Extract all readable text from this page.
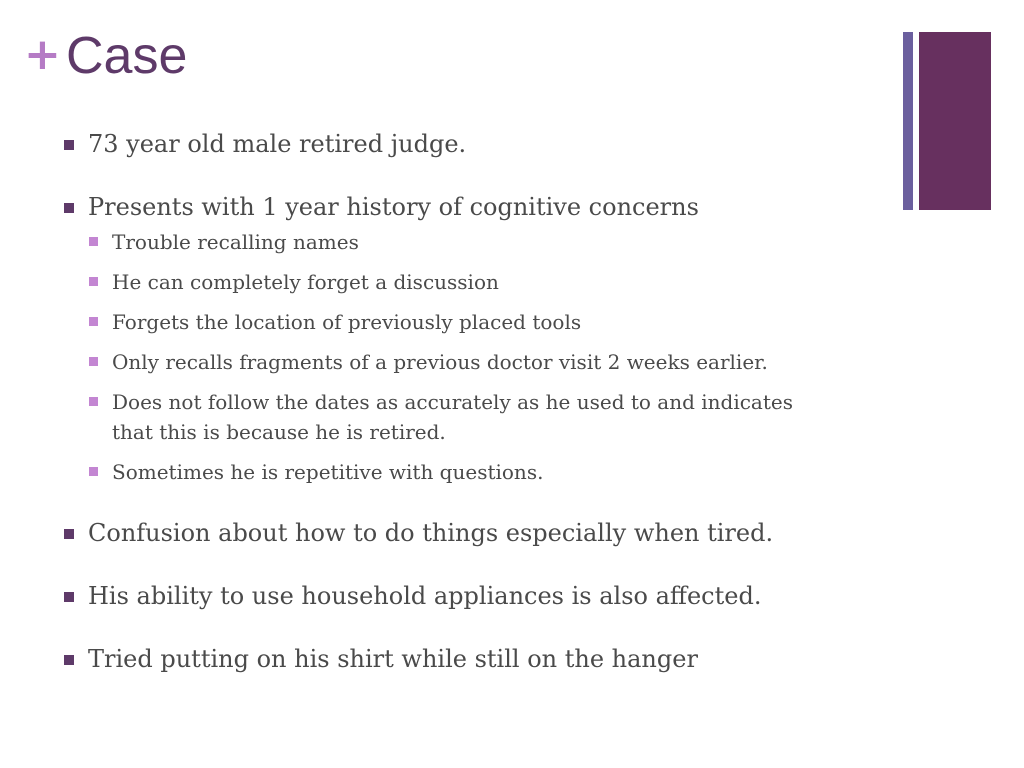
+ Case
73 year old male retired judge.
Presents with 1 year history of cognitive concerns
Trouble recalling names
He can completely forget a discussion
Forgets the location of previously placed tools
Only recalls fragments of a previous doctor visit 2 weeks earlier.
Does not follow the dates as accurately as he used to and indicates that this is because he is retired.
Sometimes he is repetitive with questions.
Confusion about how to do things especially when tired.
His ability to use household appliances is also affected.
Tried putting on his shirt while still on the hanger
